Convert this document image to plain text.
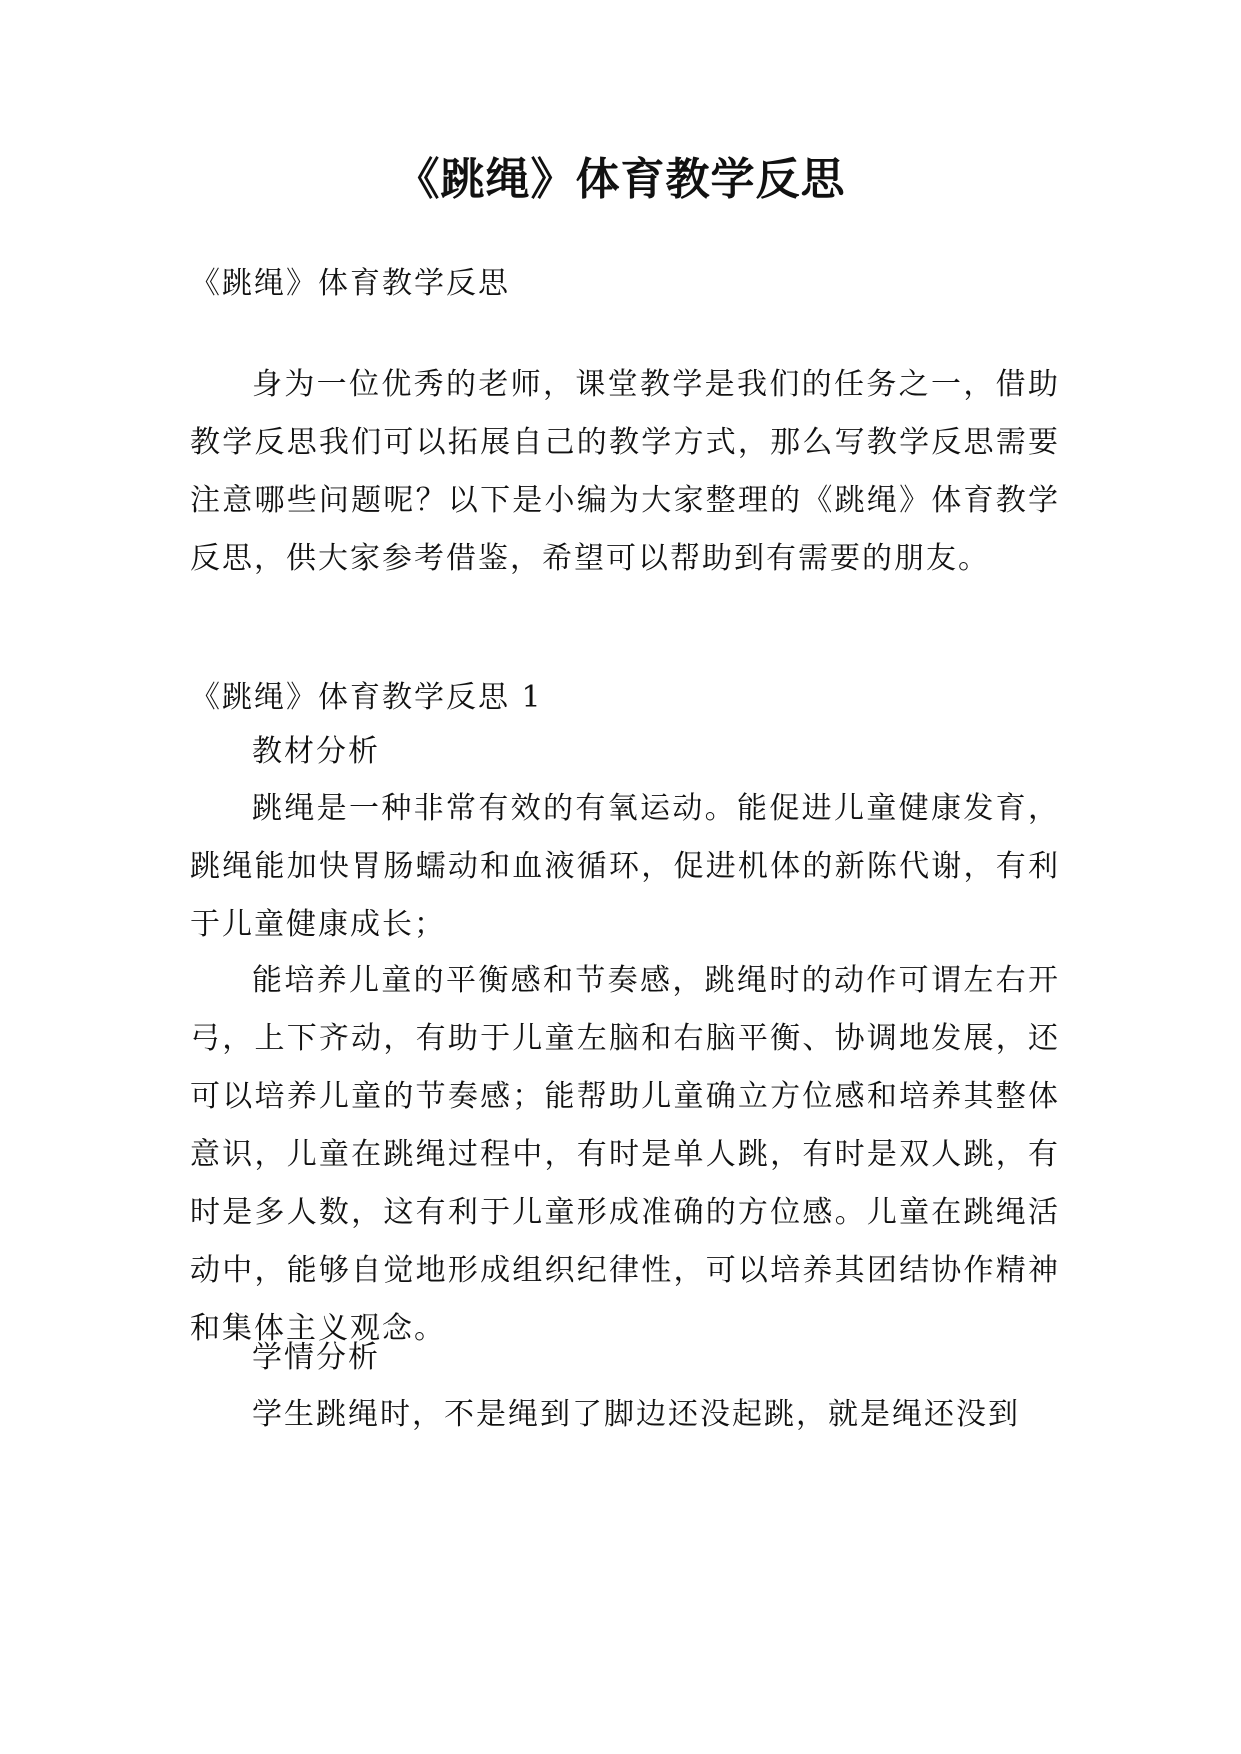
《跳绳》体育教学反思

《跳绳》体育教学反思

身为一位优秀的老师，课堂教学是我们的任务之一，借助教学反思我们可以拓展自己的教学方式，那么写教学反思需要注意哪些问题呢？以下是小编为大家整理的《跳绳》体育教学反思，供大家参考借鉴，希望可以帮助到有需要的朋友。

《跳绳》体育教学反思 1

教材分析

跳绳是一种非常有效的有氧运动。能促进儿童健康发育，跳绳能加快胃肠蠕动和血液循环，促进机体的新陈代谢，有利于儿童健康成长；

能培养儿童的平衡感和节奏感，跳绳时的动作可谓左右开弓，上下齐动，有助于儿童左脑和右脑平衡、协调地发展，还可以培养儿童的节奏感；能帮助儿童确立方位感和培养其整体意识，儿童在跳绳过程中，有时是单人跳，有时是双人跳，有时是多人数，这有利于儿童形成准确的方位感。儿童在跳绳活动中，能够自觉地形成组织纪律性，可以培养其团结协作精神和集体主义观念。

学情分析

学生跳绳时，不是绳到了脚边还没起跳，就是绳还没到
